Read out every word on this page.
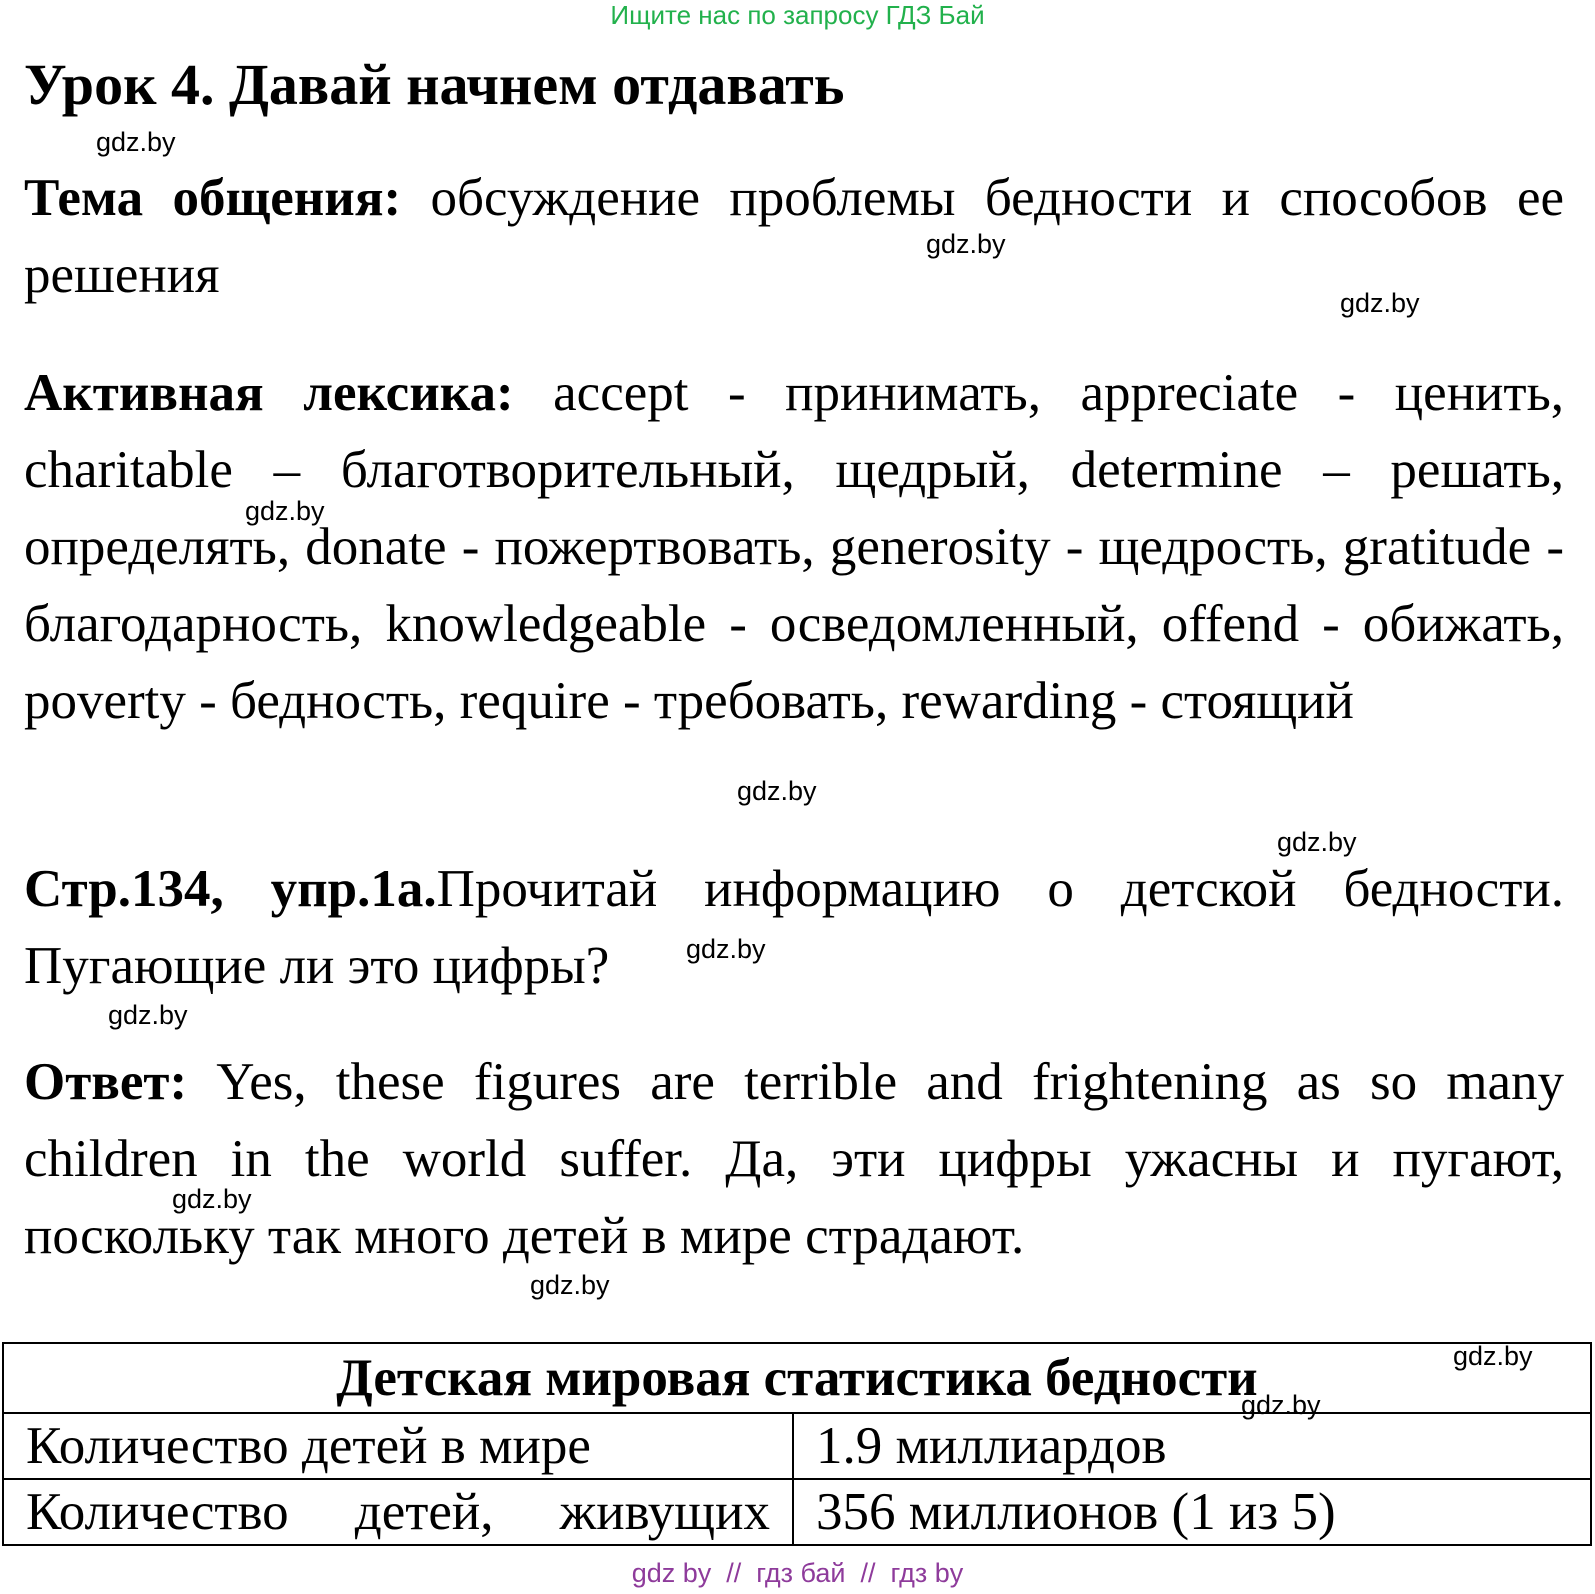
Ищите нас по запросу ГДЗ Бай
Урок 4. Давай начнем отдавать
Тема общения: обсуждение проблемы бедности и способов ее решения
Активная лексика: accept - принимать, appreciate - ценить, charitable – благотворительный, щедрый, determine – решать, определять, donate - пожертвовать, generosity - щедрость, gratitude - благодарность, knowledgeable - осведомленный, offend - обижать, poverty - бедность, require - требовать, rewarding - стоящий
Стр.134, упр.1а.Прочитай информацию о детской бедности. Пугающие ли это цифры?
Ответ: Yes, these figures are terrible and frightening as so many children in the world suffer. Да, эти цифры ужасны и пугают, поскольку так много детей в мире страдают.
Детская мировая статистика бедности	
Количество детей в мире	1.9 миллиардов
Количество детей, живущих	356 миллионов (1 из 5)
gdz.by
gdz.by
gdz.by
gdz.by
gdz.by
gdz.by
gdz.by
gdz.by
gdz.by
gdz.by
gdz.by
gdz.by
gdz by  //  гдз бай  //  гдз by
